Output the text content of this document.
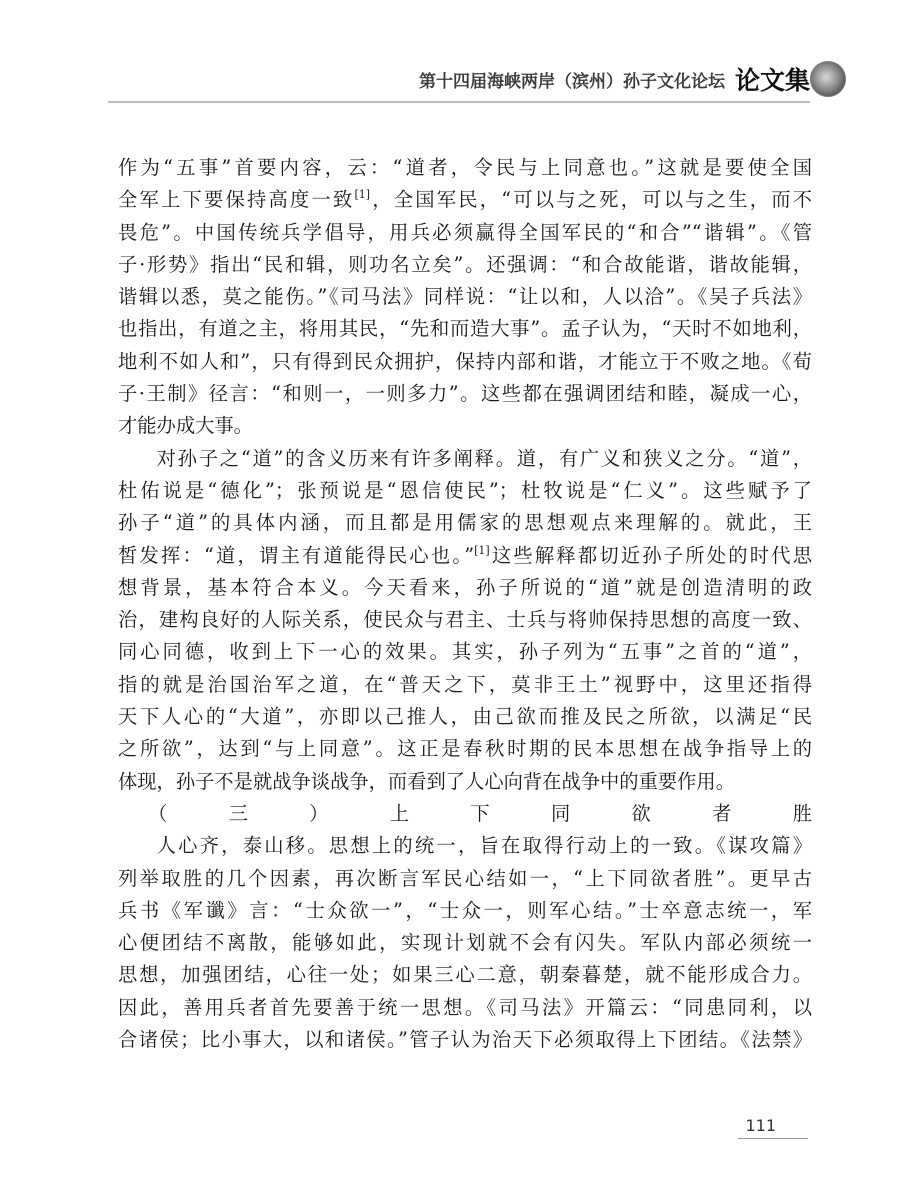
第十四届海峡两岸（滨州）孙子文化论坛 论文集

作为“五事”首要内容，云：“道者，令民与上同意也。”这就是要使全国

全军上下要保持高度一致[1]，全国军民，“可以与之死，可以与之生，而不

畏危”。中国传统兵学倡导，用兵必须赢得全国军民的“和合”“谐辑”。《管

子·形势》指出“民和辑，则功名立矣”。还强调：“和合故能谐，谐故能辑，

谐辑以悉，莫之能伤。”《司马法》同样说：“让以和，人以洽”。《吴子兵法》

也指出，有道之主，将用其民，“先和而造大事”。孟子认为，“天时不如地利，

地利不如人和”，只有得到民众拥护，保持内部和谐，才能立于不败之地。《荀

子·王制》径言：“和则一，一则多力”。这些都在强调团结和睦，凝成一心，

才能办成大事。

对孙子之“道”的含义历来有许多阐释。道，有广义和狭义之分。“道”，

杜佑说是“德化”；张预说是“恩信使民”；杜牧说是“仁义”。这些赋予了

孙子“道”的具体内涵，而且都是用儒家的思想观点来理解的。就此，王

皙发挥：“道，谓主有道能得民心也。”[1]这些解释都切近孙子所处的时代思

想背景，基本符合本义。今天看来，孙子所说的“道”就是创造清明的政

治，建构良好的人际关系，使民众与君主、士兵与将帅保持思想的高度一致、

同心同德，收到上下一心的效果。其实，孙子列为“五事”之首的“道”，

指的就是治国治军之道，在“普天之下，莫非王土”视野中，这里还指得

天下人心的“大道”，亦即以己推人，由己欲而推及民之所欲，以满足“民

之所欲”，达到“与上同意”。这正是春秋时期的民本思想在战争指导上的

体现，孙子不是就战争谈战争，而看到了人心向背在战争中的重要作用。

（三）上下同欲者胜

人心齐，泰山移。思想上的统一，旨在取得行动上的一致。《谋攻篇》

列举取胜的几个因素，再次断言军民心结如一，“上下同欲者胜”。更早古

兵书《军谶》言：“士众欲一”，“士众一，则军心结。”士卒意志统一，军

心便团结不离散，能够如此，实现计划就不会有闪失。军队内部必须统一

思想，加强团结，心往一处；如果三心二意，朝秦暮楚，就不能形成合力。

因此，善用兵者首先要善于统一思想。《司马法》开篇云：“同患同利，以

合诸侯；比小事大，以和诸侯。”管子认为治天下必须取得上下团结。《法禁》

111
